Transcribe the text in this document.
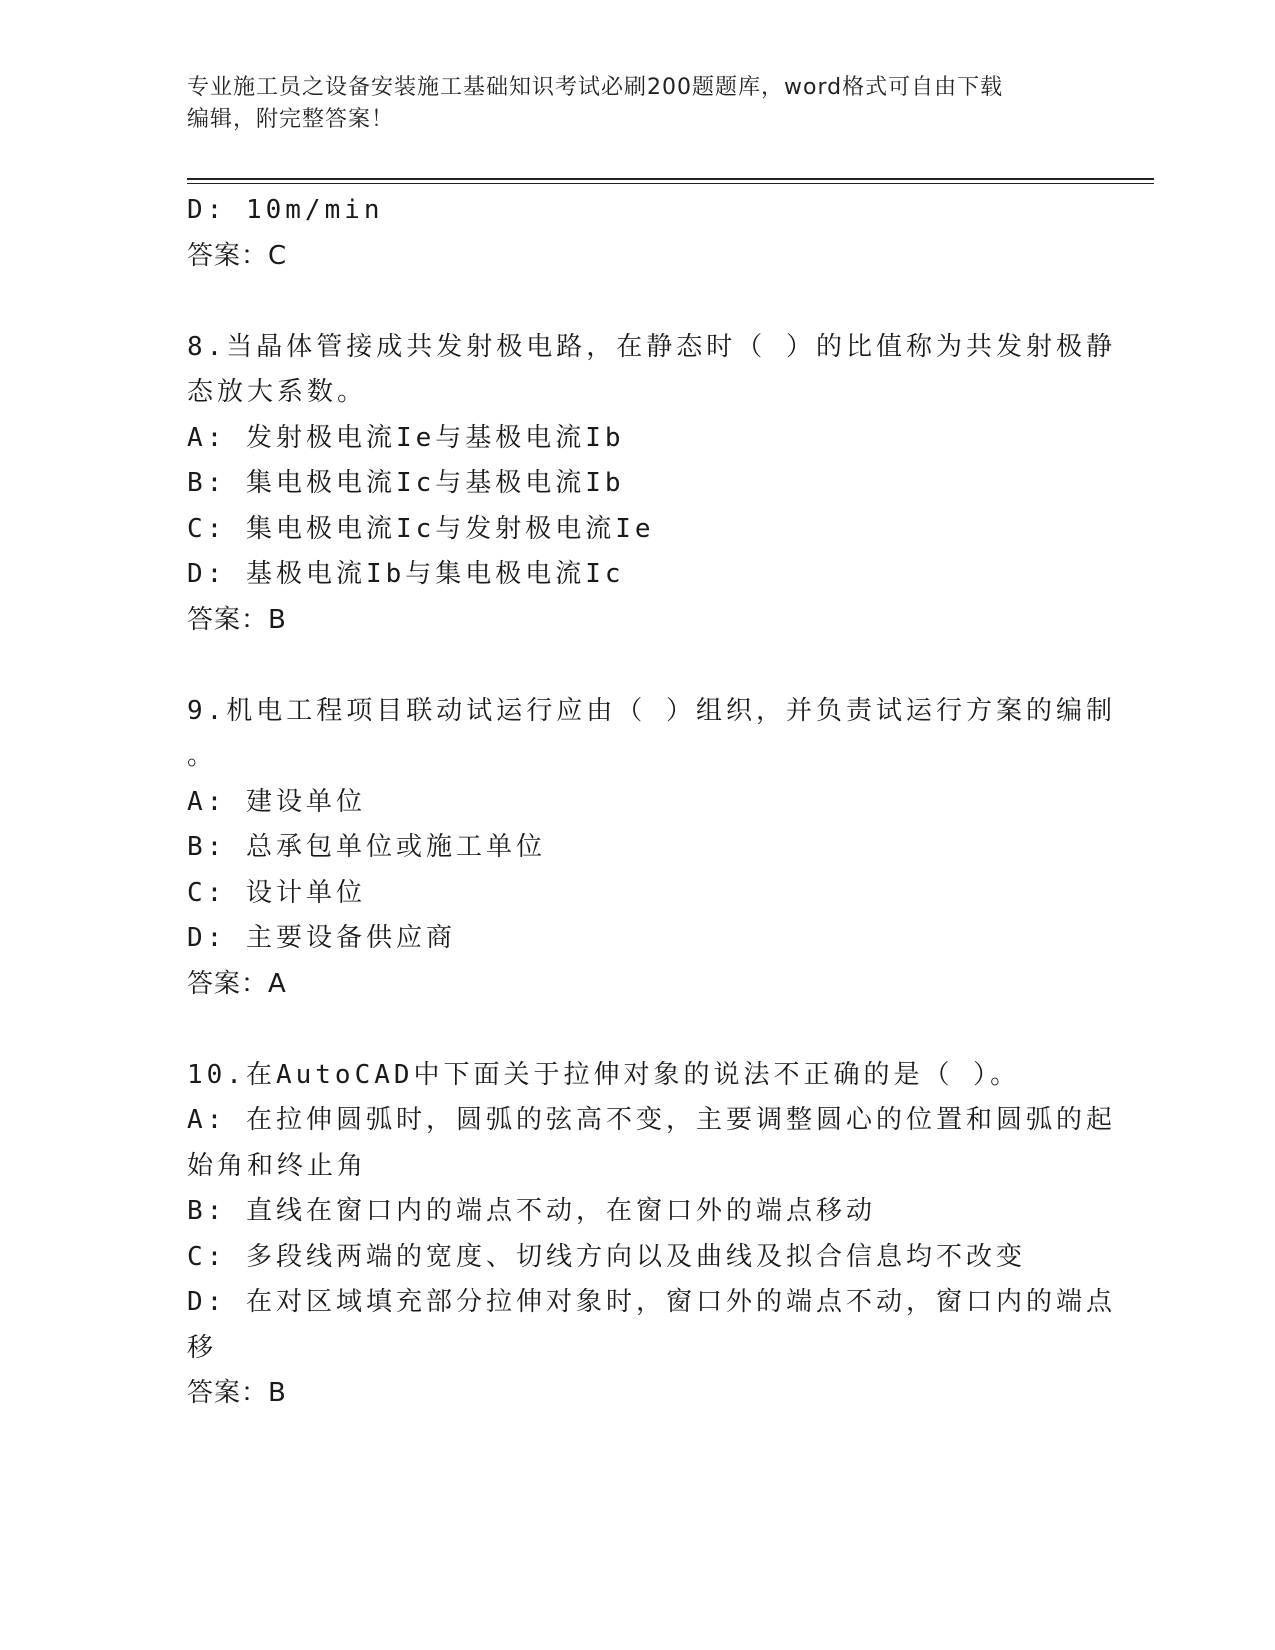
专业施工员之设备安装施工基础知识考试必刷200题题库，word格式可自由下载
编辑，附完整答案！
D: 10m/min
答案：C
8.当晶体管接成共发射极电路，在静态时（ ）的比值称为共发射极静
态放大系数。
A: 发射极电流Ie与基极电流Ib
B: 集电极电流Ic与基极电流Ib
C: 集电极电流Ic与发射极电流Ie
D: 基极电流Ib与集电极电流Ic
答案：B
9.机电工程项目联动试运行应由（ ）组织，并负责试运行方案的编制
。
A: 建设单位
B: 总承包单位或施工单位
C: 设计单位
D: 主要设备供应商
答案：A
10.在AutoCAD中下面关于拉伸对象的说法不正确的是（ ）。
A: 在拉伸圆弧时，圆弧的弦高不变，主要调整圆心的位置和圆弧的起
始角和终止角
B: 直线在窗口内的端点不动，在窗口外的端点移动
C: 多段线两端的宽度、切线方向以及曲线及拟合信息均不改变
D: 在对区域填充部分拉伸对象时，窗口外的端点不动，窗口内的端点
移
答案：B
